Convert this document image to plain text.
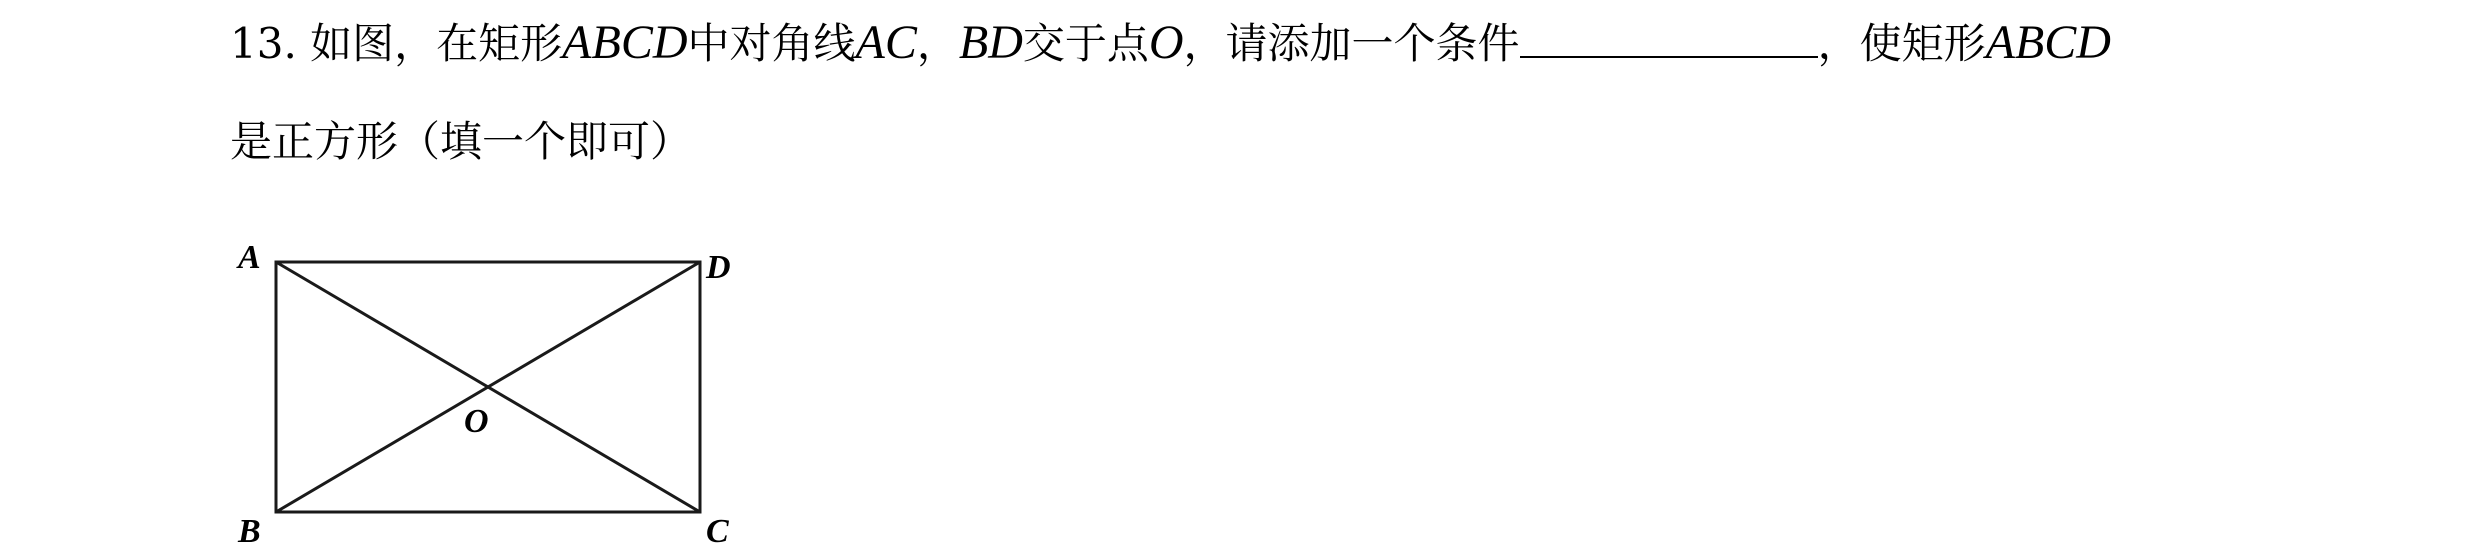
13. 如图，在矩形ABCD中对角线AC，BD交于点O，请添加一个条件	，使矩形ABCD
是正方形（填一个即可）
A	D
B	C
O
